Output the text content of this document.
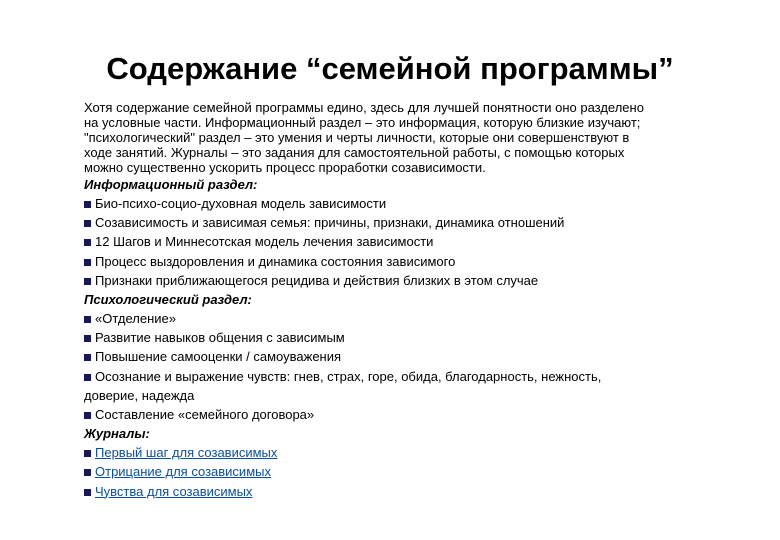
Содержание “семейной программы”
Хотя содержание семейной программы едино, здесь для лучшей понятности оно разделено
на условные части. Информационный раздел – это информация, которую близкие изучают;
"психологический" раздел – это умения и черты личности, которые они совершенствуют в
ходе занятий. Журналы – это задания для самостоятельной работы, с помощью которых
можно существенно ускорить процесс проработки созависимости.
Информационный раздел:
Био-психо-социо-духовная модель зависимости
Созависимость и зависимая семья: причины, признаки, динамика отношений
12 Шагов и Миннесотская модель лечения зависимости
Процесс выздоровления и динамика состояния зависимого
Признаки приближающегося рецидива и действия близких в этом случае
Психологический раздел:
«Отделение»
Развитие навыков общения с зависимым
Повышение самооценки / самоуважения
Осознание и выражение чувств: гнев, страх, горе, обида, благодарность, нежность,
доверие, надежда
Составление «семейного договора»
Журналы:
Первый шаг для созависимых
Отрицание для созависимых
Чувства для созависимых
